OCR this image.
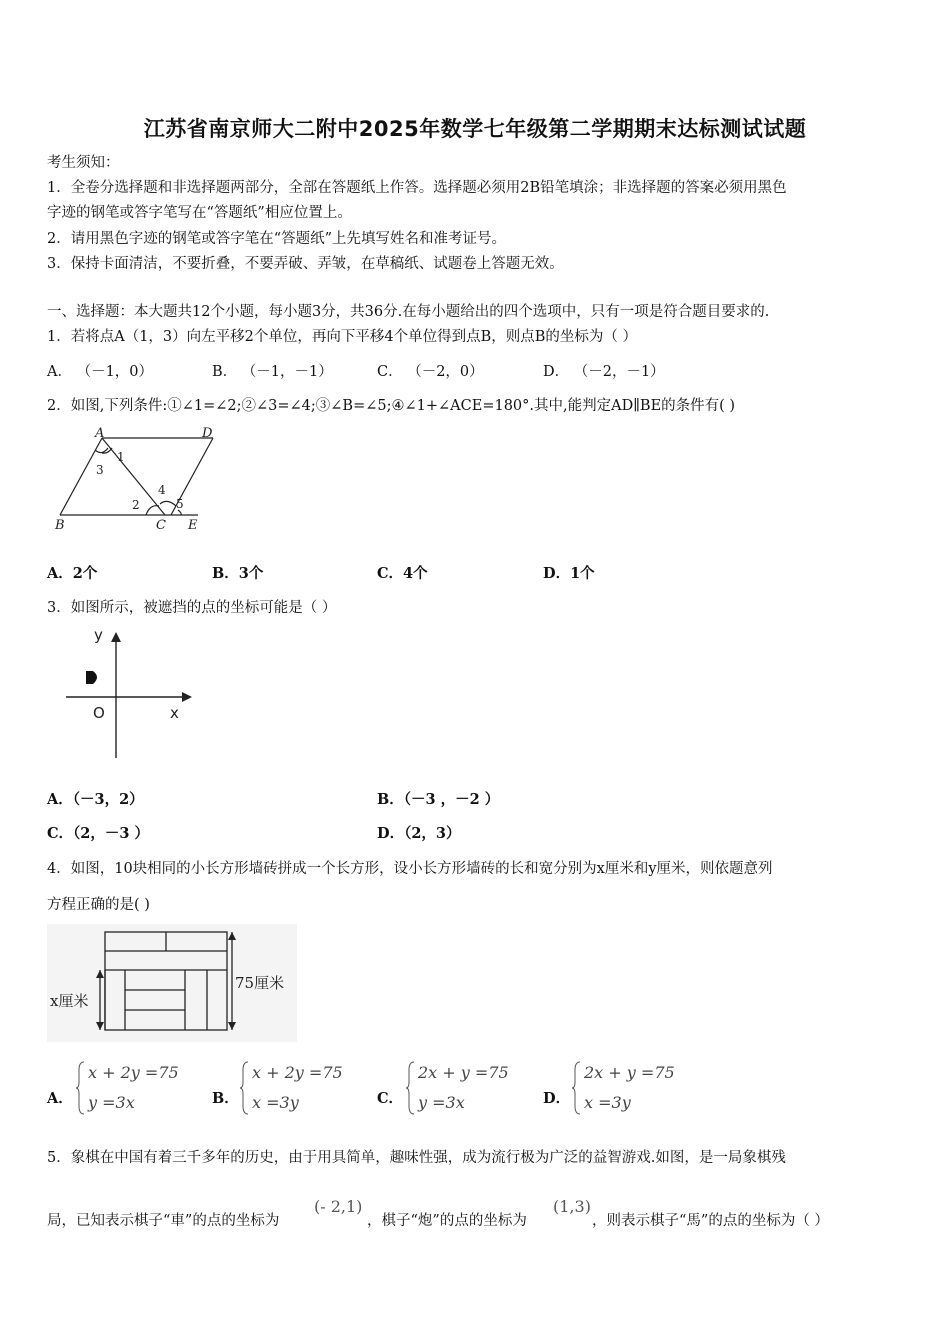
江苏省南京师大二附中2025年数学七年级第二学期期末达标测试试题
考生须知：
1．全卷分选择题和非选择题两部分，全部在答题纸上作答。选择题必须用2B铅笔填涂；非选择题的答案必须用黑色
字迹的钢笔或答字笔写在“答题纸”相应位置上。
2．请用黑色字迹的钢笔或答字笔在“答题纸”上先填写姓名和准考证号。
3．保持卡面清洁，不要折叠，不要弄破、弄皱，在草稿纸、试题卷上答题无效。
一、选择题：本大题共12个小题，每小题3分，共36分.在每小题给出的四个选项中，只有一项是符合题目要求的.
1．若将点A（1，3）向左平移2个单位，再向下平移4个单位得到点B，则点B的坐标为（ ）
A． （－1，0）	B． （－1，－1）	C． （－2，0）	D． （－2，－1）
2．如图,下列条件:①∠1=∠2;②∠3=∠4;③∠B=∠5;④∠1+∠ACE=180°.其中,能判定AD∥BE的条件有( )
A	D
B	C E
1
3
2
4
5
A．2个	B．3个	C．4个	D．1个
3．如图所示，被遮挡的点的坐标可能是（ ）
y
x
O
A．（－3，2）	B．（－3 ，－2 ）
C．（2，－3 ）	D．（2，3）
4．如图，10块相同的小长方形墙砖拼成一个长方形，设小长方形墙砖的长和宽分别为x厘米和y厘米，则依题意列
方程正确的是( )
x厘米
75厘米
A．
x + 2y =75
y =3x	B．
x + 2y =75
x =3y	C．
2x + y =75
y =3x	D．
2x + y =75
x =3y
5．象棋在中国有着三千多年的历史，由于用具简单，趣味性强，成为流行极为广泛的益智游戏.如图，是一局象棋残
局，已知表示棋子“車”的点的坐标为
(- 2,1)
，棋子“炮”的点的坐标为
(1,3)
，则表示棋子“馬”的点的坐标为（ ）
